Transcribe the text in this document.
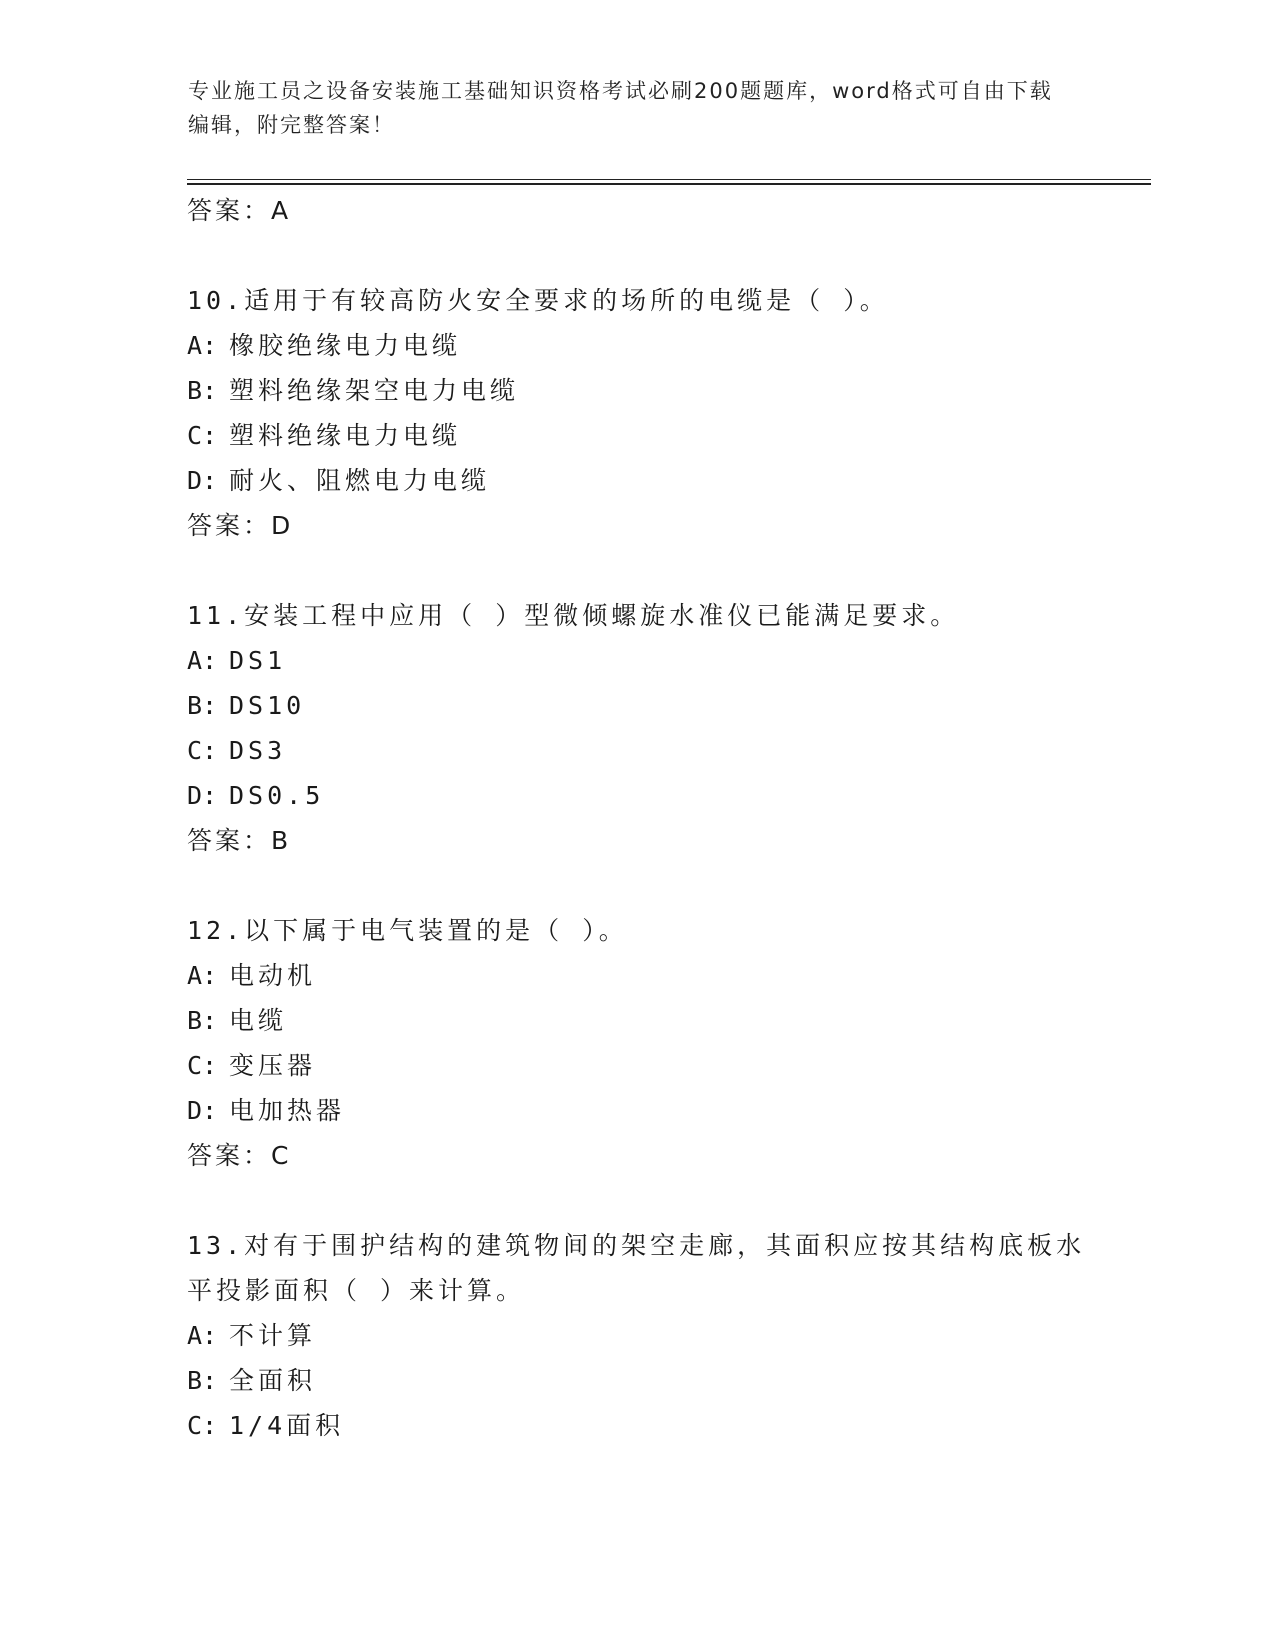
专业施工员之设备安装施工基础知识资格考试必刷200题题库，word格式可自由下载编辑，附完整答案！

答案：A

10.适用于有较高防火安全要求的场所的电缆是（ ）。

A: 橡胶绝缘电力电缆

B: 塑料绝缘架空电力电缆

C: 塑料绝缘电力电缆

D: 耐火、阻燃电力电缆

答案：D

11.安装工程中应用（ ）型微倾螺旋水准仪已能满足要求。

A: DS1

B: DS10

C: DS3

D: DS0.5

答案：B

12.以下属于电气装置的是（ ）。

A: 电动机

B: 电缆

C: 变压器

D: 电加热器

答案：C

13.对有于围护结构的建筑物间的架空走廊，其面积应按其结构底板水平投影面积（ ）来计算。

A: 不计算

B: 全面积

C: 1/4面积
